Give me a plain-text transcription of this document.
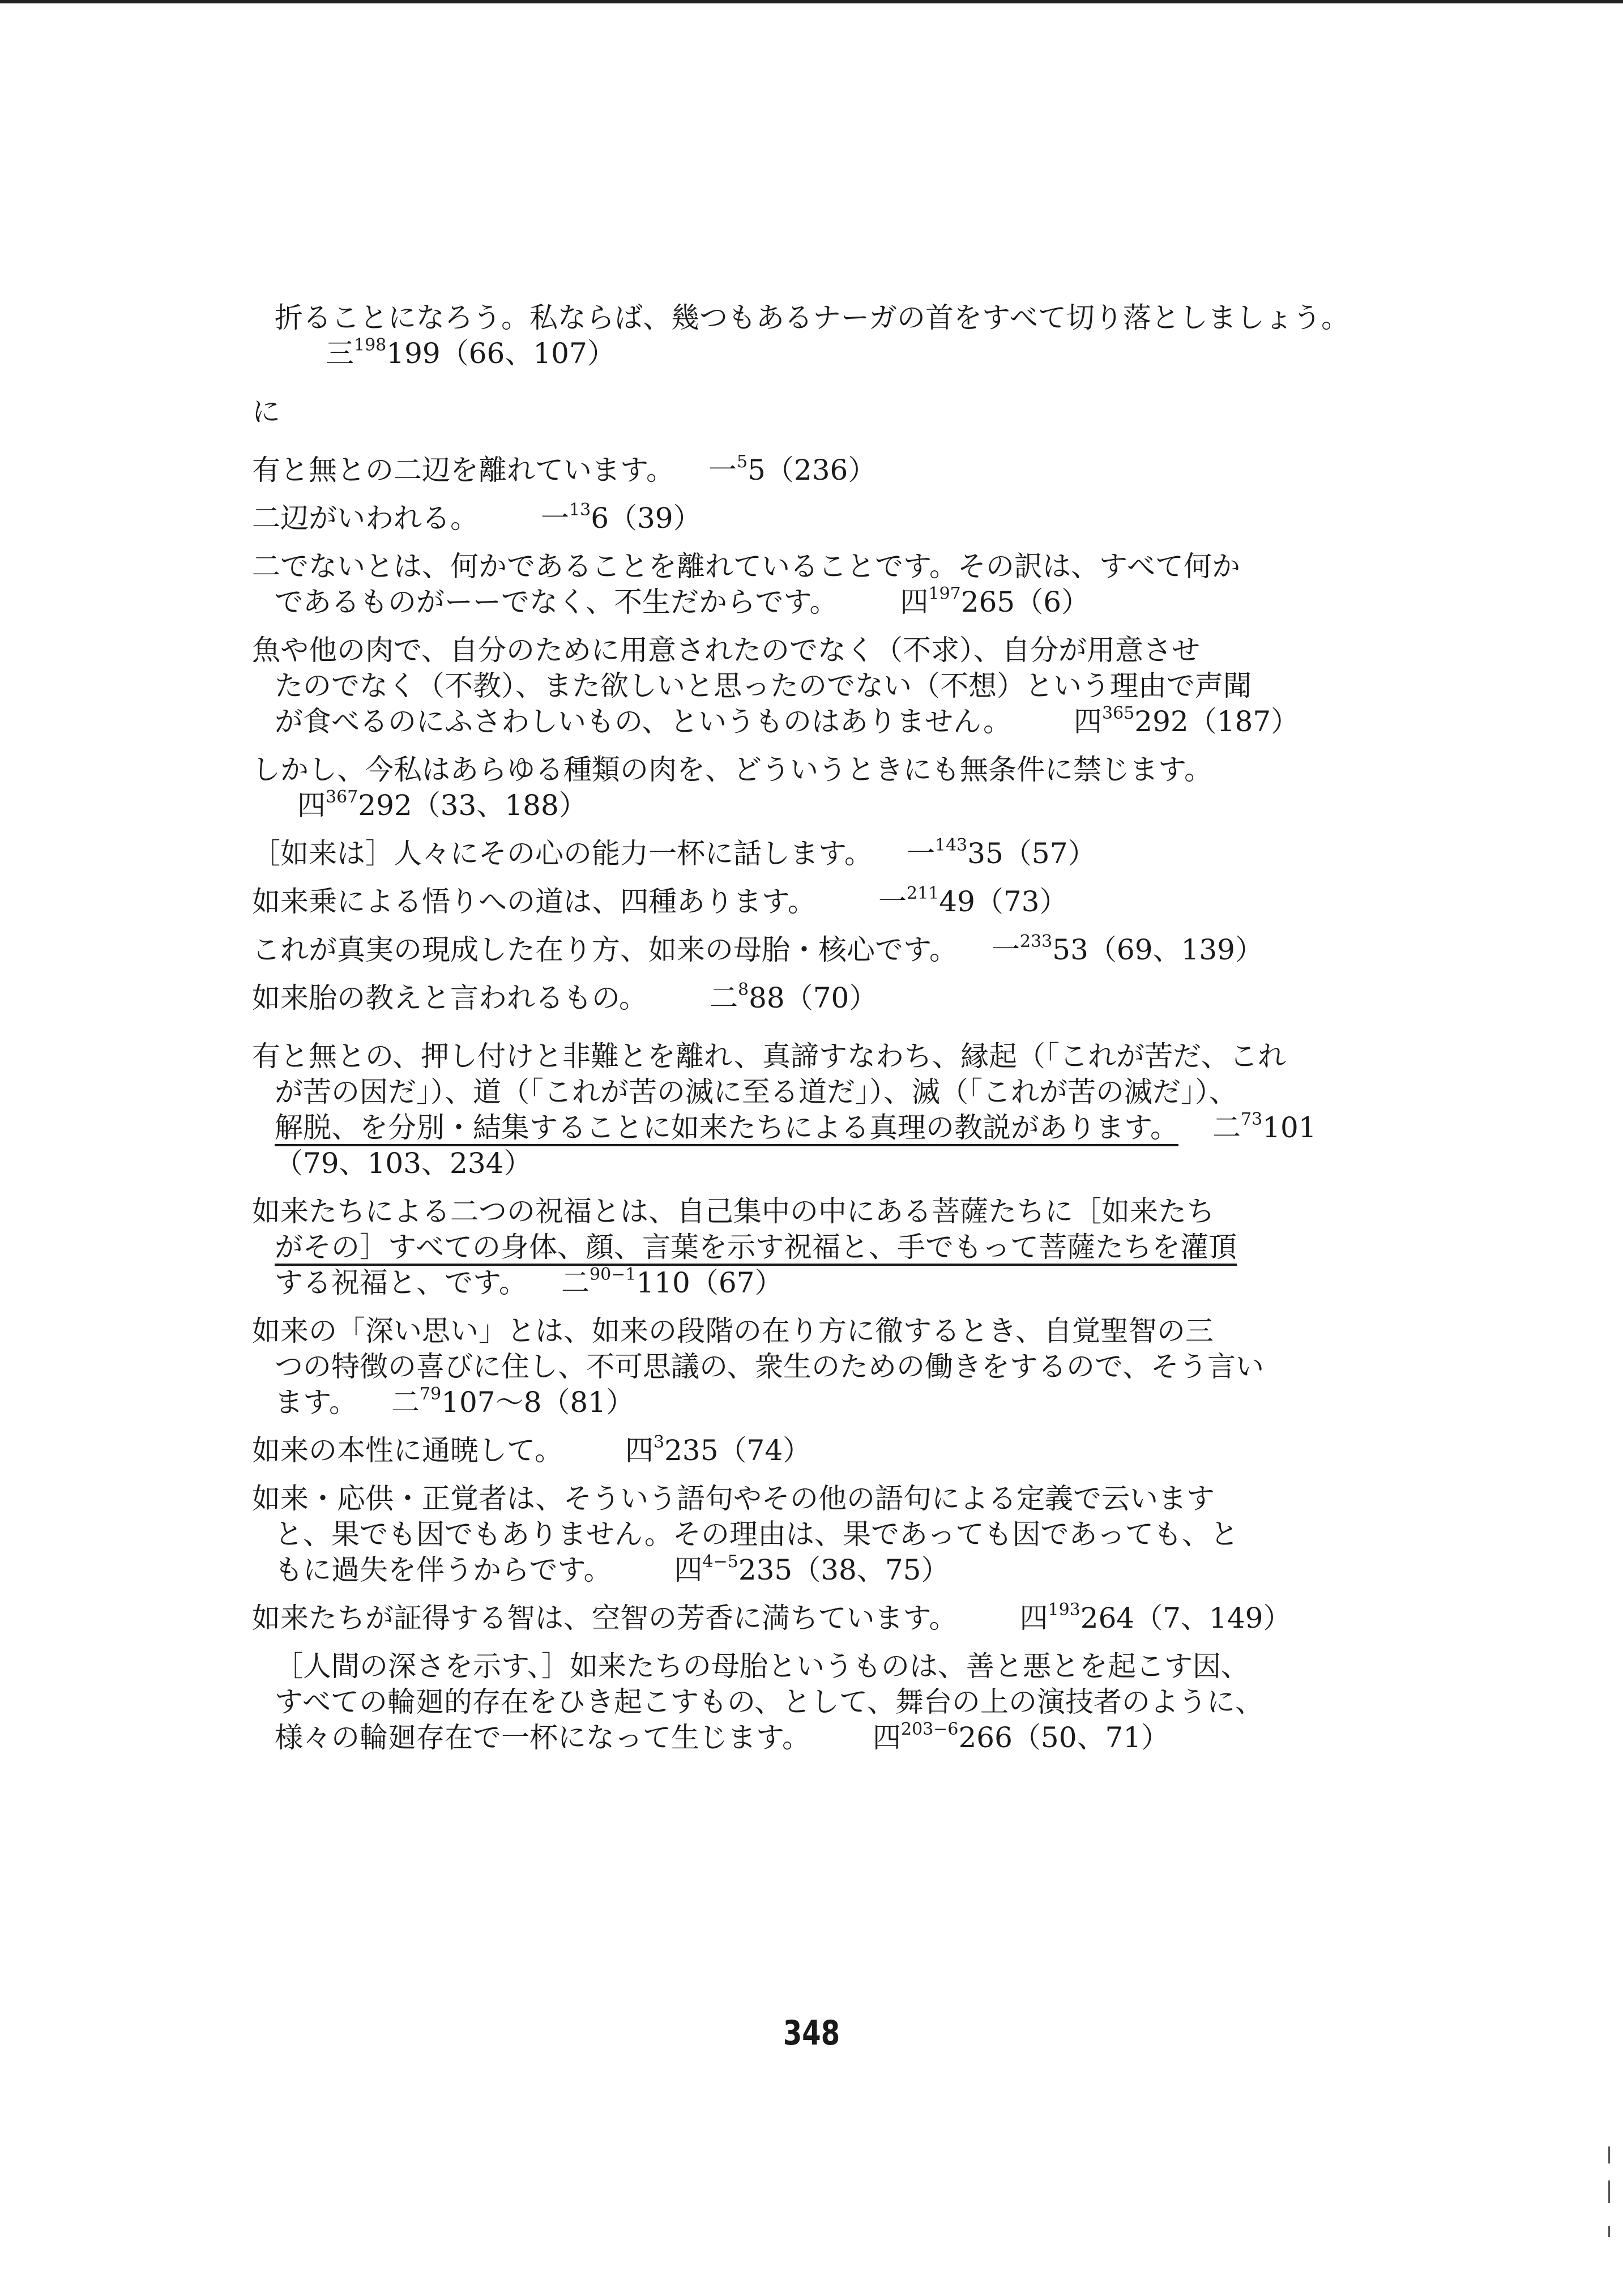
折ることになろう。私ならば、幾つもあるナーガの首をすべて切り落としましょう。
三$^{198}$199（66、107）
に
有と無との二辺を離れています。 一$^5$5（236）
二辺がいわれる。 一$^{13}$6（39）
二でないとは、何かであることを離れていることです。その訳は、すべて何か
であるものがーーでなく、不生だからです。 四$^{197}$265（6）
魚や他の肉で、自分のために用意されたのでなく（不求）、自分が用意させ
たのでなく（不教）、また欲しいと思ったのでない（不想）という理由で声聞
が食べるのにふさわしいもの、というものはありません。 四$^{365}$292（187）
しかし、今私はあらゆる種類の肉を、どういうときにも無条件に禁じます。
四$^{367}$292（33、188）
［如来は］人々にその心の能力一杯に話します。 一$^{143}$35（57）
如来乗による悟りへの道は、四種あります。 一$^{211}$49（73）
これが真実の現成した在り方、如来の母胎・核心です。 一$^{233}$53（69、139）
如来胎の教えと言われるもの。 二$^8$88（70）
有と無との、押し付けと非難とを離れ、真諦すなわち、縁起（「これが苦だ、これ
が苦の因だ」）、道（「これが苦の滅に至る道だ」）、滅（「これが苦の滅だ」）、
解脱、を分別・結集することに如来たちによる真理の教説があります。 二$^{73}$101
（79、103、234）
如来たちによる二つの祝福とは、自己集中の中にある菩薩たちに［如来たち
がその］すべての身体、顔、言葉を示す祝福と、手でもって菩薩たちを灌頂
する祝福と、です。 二$^{90-1}$110（67）
如来の「深い思い」とは、如来の段階の在り方に徹するとき、自覚聖智の三
つの特徴の喜びに住し、不可思議の、衆生のための働きをするので、そう言い
ます。 二$^{79}$107〜8（81）
如来の本性に通暁して。 四$^3$235（74）
如来・応供・正覚者は、そういう語句やその他の語句による定義で云います
と、果でも因でもありません。その理由は、果であっても因であっても、と
もに過失を伴うからです。 四$^{4-5}$235（38、75）
如来たちが証得する智は、空智の芳香に満ちています。 四$^{193}$264（7、149）
［人間の深さを示す、］如来たちの母胎というものは、善と悪とを起こす因、
すべての輪廻的存在をひき起こすもの、として、舞台の上の演技者のように、
様々の輪廻存在で一杯になって生じます。 四$^{203-6}$266（50、71）
348
